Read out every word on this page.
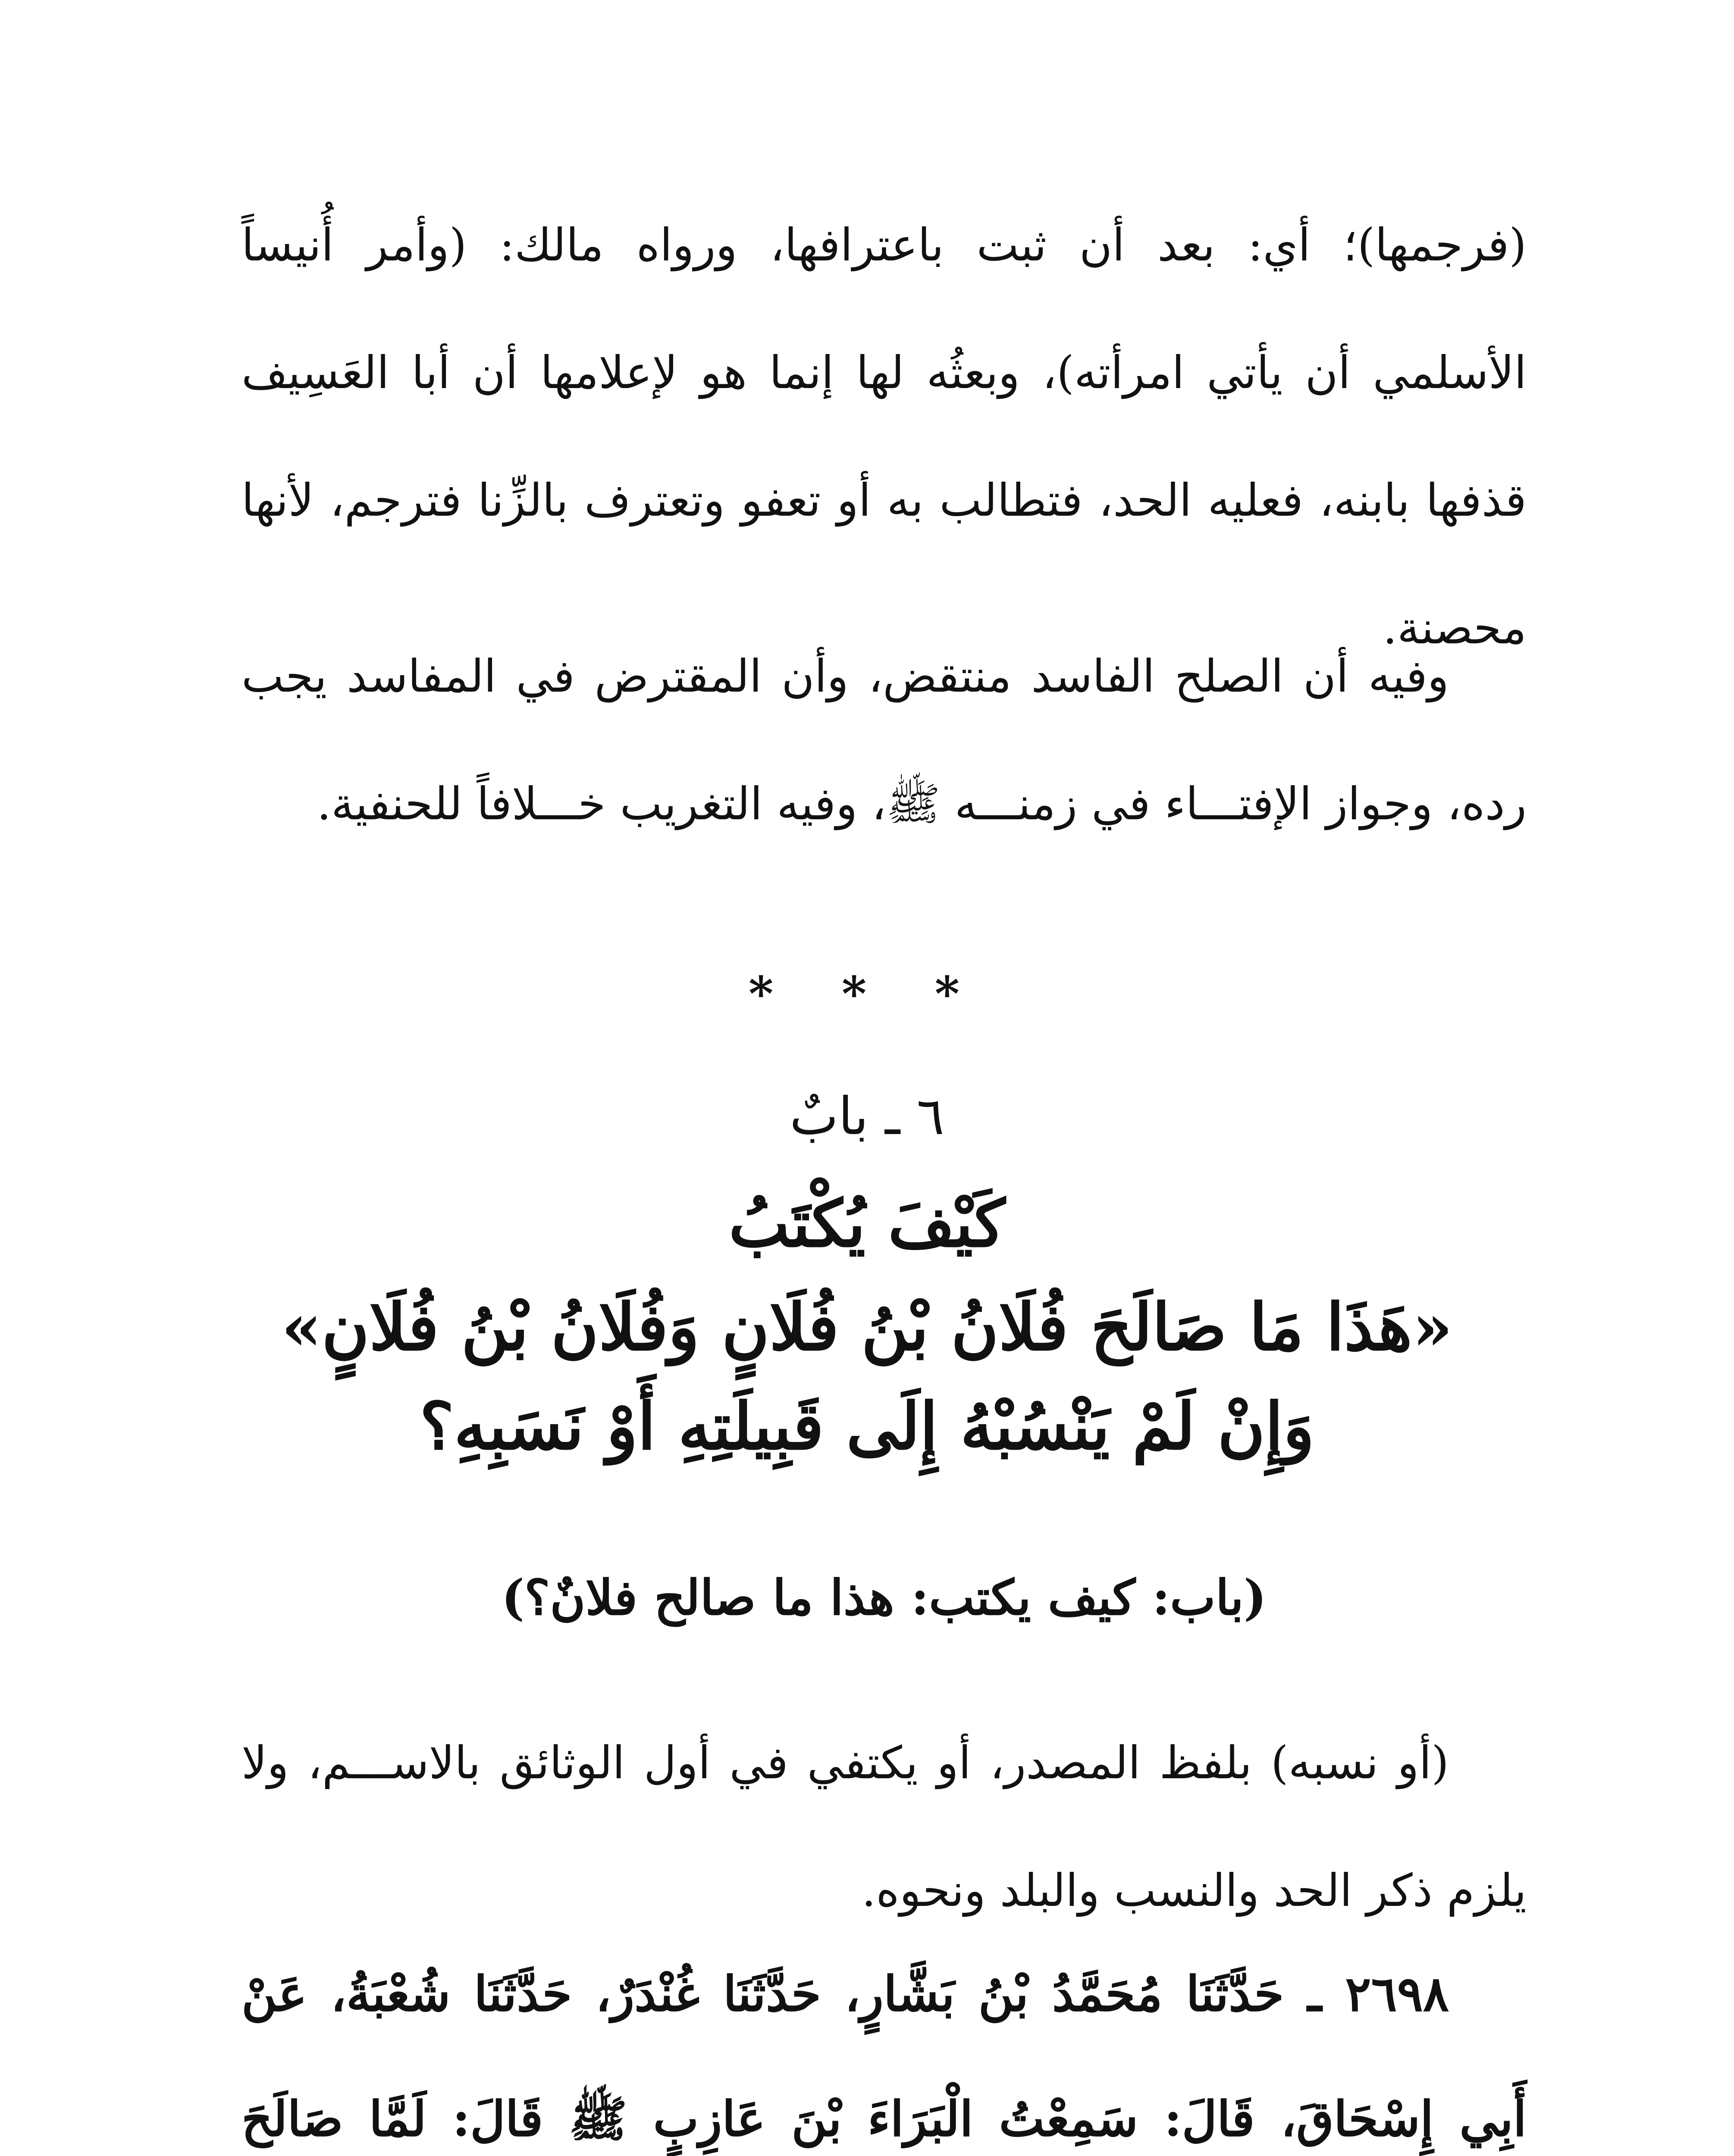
(فرجمها)؛ أي: بعد أن ثبت باعترافها، ورواه مالك: (وأمر أُنيساً الأسلمي أن يأتي امرأته)، وبعثُه لها إنما هو لإعلامها أن أبا العَسِيف قذفها بابنه، فعليه الحد، فتطالب به أو تعفو وتعترف بالزِّنا فترجم، لأنها محصنة.

وفيه أن الصلح الفاسد منتقض، وأن المقترض في المفاسد يجب رده، وجواز الإفتـــاء في زمنـــه ﷺ، وفيه التغريب خـــلافاً للحنفية.

* * *
٦ ـ بابٌ
كَيْفَ يُكْتَبُ
«هَذَا مَا صَالَحَ فُلَانُ بْنُ فُلَانٍ وَفُلَانُ بْنُ فُلَانٍ»
وَإِنْ لَمْ يَنْسُبْهُ إِلَى قَبِيلَتِهِ أَوْ نَسَبِهِ؟
(باب: كيف يكتب: هذا ما صالح فلانٌ؟)

(أو نسبه) بلفظ المصدر، أو يكتفي في أول الوثائق بالاســـم، ولا يلزم ذكر الحد والنسب والبلد ونحوه.

٢٦٩٨ ـ حَدَّثَنَا مُحَمَّدُ بْنُ بَشَّارٍ، حَدَّثَنَا غُنْدَرٌ، حَدَّثَنَا شُعْبَةُ، عَنْ أَبِي إِسْحَاقَ، قَالَ: سَمِعْتُ الْبَرَاءَ بْنَ عَازِبٍ ﷺ قَالَ: لَمَّا صَالَحَ
